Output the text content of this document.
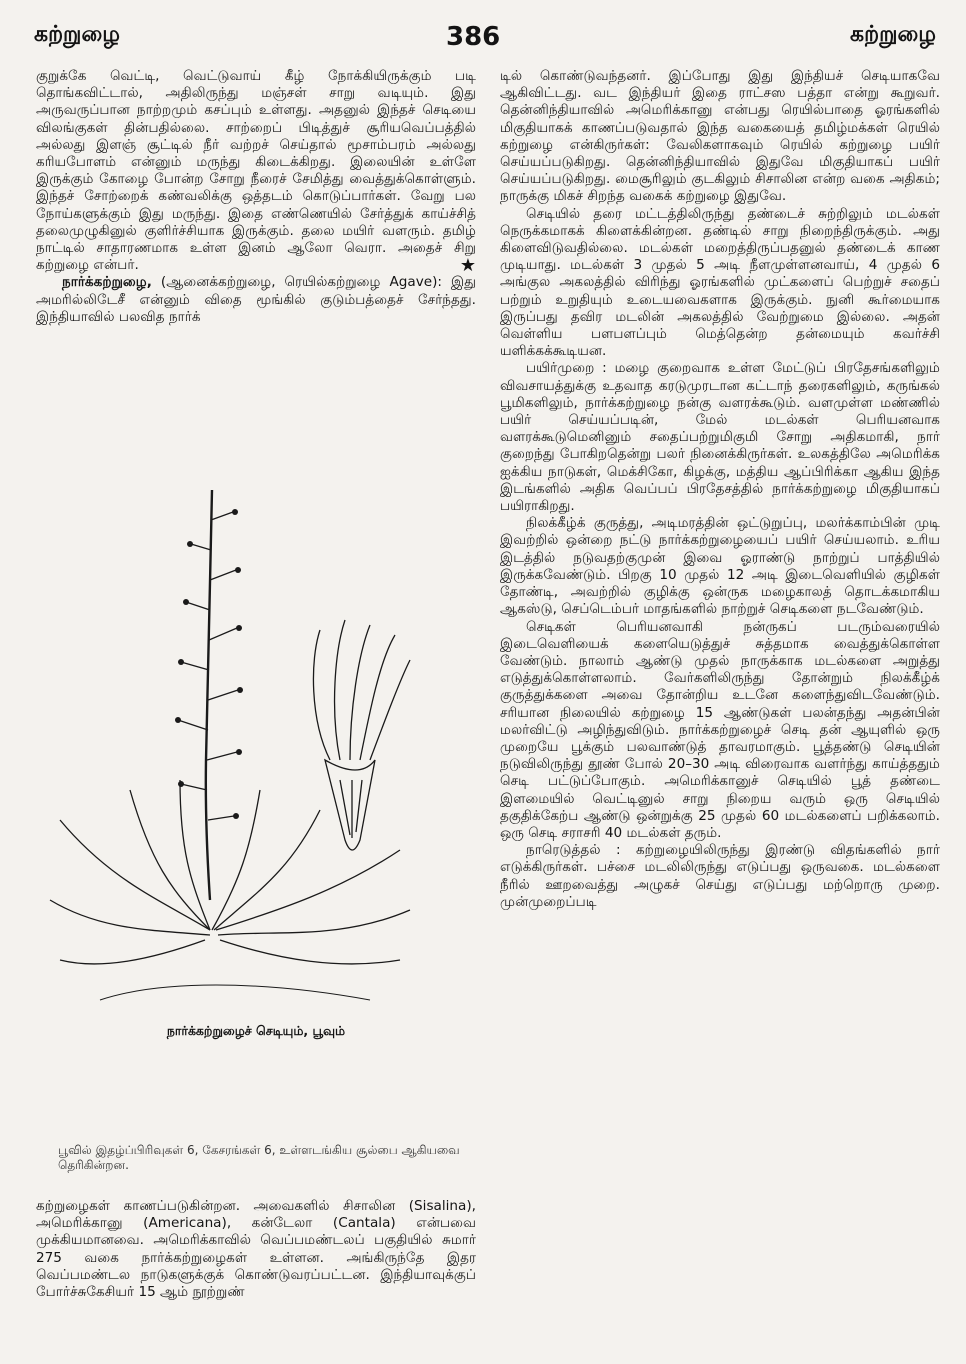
கற்றுழை	386	கற்றுழை

குறுக்கே வெட்டி, வெட்டுவாய் கீழ் நோக்கியிருக்கும் படி தொங்கவிட்டால், அதிலிருந்து மஞ்சள் சாறு வடியும். இது அருவருப்பான நாற்றமும் கசப்பும் உள்ளது. அதனுல் இந்தச் செடியை விலங்குகள் தின்பதில்லை. சாற்றைப் பிடித்துச் சூரியவெப்பத்தில் அல்லது இளஞ் சூட்டில் நீர் வற்றச் செய்தால் மூசாம்பரம் அல்லது கரியபோளம் என்னும் மருந்து கிடைக்கிறது. இலையின் உள்ளே இருக்கும் கோழை போன்ற சோறு நீரைச் சேமித்து வைத்துக்கொள்ளும். இந்தச் சோற்றைக் கண்வலிக்கு ஒத்தடம் கொடுப்பார்கள். வேறு பல நோய்களுக்கும் இது மருந்து. இதை எண்ணெயில் சேர்த்துக் காய்ச்சித் தலைமுழுகினுல் குளிர்ச்சியாக இருக்கும். தலை மயிர் வளரும். தமிழ் நாட்டில் சாதாரணமாக உள்ள இனம் ஆலோ வெரா. அதைச் சிறு கற்றுழை என்பர்.	★

நார்க்கற்றுழை, (ஆனைக்கற்றுழை, ரெயில்கற்றுழை Agave): இது அமரில்லிடேசீ என்னும் விதை மூங்கில் குடும்பத்தைச் சேர்ந்தது. இந்தியாவில் பலவித நார்க்

நார்க்கற்றுழைச் செடியும், பூவும்
பூவில் இதழ்ப்பிரிவுகள் 6, கேசரங்கள் 6, உள்ளடங்கிய சூல்பை ஆகியவை தெரிகின்றன.

கற்றுழைகள் காணப்படுகின்றன. அவைகளில் சிசாலின (Sisalina), அமெரிக்கானு (Americana), கன்டேலா (Cantala) என்பவை முக்கியமானவை. அமெரிக்காவில் வெப்பமண்டலப் பகுதியில் சுமார் 275 வகை நார்க்கற்றுழைகள் உள்ளன. அங்கிருந்தே இதர வெப்பமண்டல நாடுகளுக்குக் கொண்டுவரப்பட்டன. இந்தியாவுக்குப் போர்ச்சுகேசியர் 15 ஆம் நூற்றுண்

டில் கொண்டுவந்தனர். இப்போது இது இந்தியச் செடியாகவே ஆகிவிட்டது. வட இந்தியர் இதை ராட்சஸ பத்தா என்று கூறுவர். தென்னிந்தியாவில் அமெரிக்கானு என்பது ரெயில்பாதை ஓரங்களில் மிகுதியாகக் காணப்படுவதால் இந்த வகையைத் தமிழ்மக்கள் ரெயில் கற்றுழை என்கிருர்கள்: வேலிகளாகவும் ரெயில் கற்றுழை பயிர் செய்யப்படுகிறது. தென்னிந்தியாவில் இதுவே மிகுதியாகப் பயிர் செய்யப்படுகிறது. மைசூரிலும் குடகிலும் சிசாலின என்ற வகை அதிகம்; நாருக்கு மிகச் சிறந்த வகைக் கற்றுழை இதுவே.

செடியில் தரை மட்டத்திலிருந்து தண்டைச் சுற்றிலும் மடல்கள் நெருக்கமாகக் கிளைக்கின்றன. தண்டில் சாறு நிறைந்திருக்கும். அது கிளைவிடுவதில்லை. மடல்கள் மறைத்திருப்பதனுல் தண்டைக் காண முடியாது. மடல்கள் 3 முதல் 5 அடி நீளமுள்ளனவாய், 4 முதல் 6 அங்குல அகலத்தில் விரிந்து ஓரங்களில் முட்களைப் பெற்றுச் சதைப் பற்றும் உறுதியும் உடையவைகளாக இருக்கும். நுனி கூர்மையாக இருப்பது தவிர மடலின் அகலத்தில் வேற்றுமை இல்லை. அதன் வெள்ளிய பளபளப்பும் மெத்தென்ற தன்மையும் கவர்ச்சி யளிக்கக்கூடியன.

பயிர்முறை : மழை குறைவாக உள்ள மேட்டுப் பிரதேசங்களிலும் விவசாயத்துக்கு உதவாத கரடுமுரடான கட்டாந் தரைகளிலும், கருங்கல் பூமிகளிலும், நார்க்கற்றுழை நன்கு வளரக்கூடும். வளமுள்ள மண்ணில் பயிர் செய்யப்படின், மேல் மடல்கள் பெரியனவாக வளரக்கூடுமெனினும் சதைப்பற்றுமிகுமி சோறு அதிகமாகி, நார் குறைந்து போகிறதென்று பலர் நினைக்கிருர்கள். உலகத்திலே அமெரிக்க ஐக்கிய நாடுகள், மெக்சிகோ, கிழக்கு, மத்திய ஆப்பிரிக்கா ஆகிய இந்த இடங்களில் அதிக வெப்பப் பிரதேசத்தில் நார்க்கற்றுழை மிகுதியாகப் பயிராகிறது.

நிலக்கீழ்க் குருத்து, அடிமரத்தின் ஒட்டுறுப்பு, மலர்க்காம்பின் முடி இவற்றில் ஒன்றை நட்டு நார்க்கற்றுழையைப் பயிர் செய்யலாம். உரிய இடத்தில் நடுவதற்குமுன் இவை ஓராண்டு நாற்றுப் பாத்தியில் இருக்கவேண்டும். பிறகு 10 முதல் 12 அடி இடைவெளியில் குழிகள் தோண்டி, அவற்றில் குழிக்கு ஒன்ருக மழைகாலத் தொடக்கமாகிய ஆகஸ்டு, செப்டெம்பர் மாதங்களில் நாற்றுச் செடிகளை நடவேண்டும்.

செடிகள் பெரியனவாகி நன்ருகப் படரும்வரையில் இடைவெளியைக் களையெடுத்துச் சுத்தமாக வைத்துக்கொள்ள வேண்டும். நாலாம் ஆண்டு முதல் நாருக்காக மடல்களை அறுத்து எடுத்துக்கொள்ளலாம். வேர்களிலிருந்து தோன்றும் நிலக்கீழ்க் குருத்துக்களை அவை தோன்றிய உடனே களைந்துவிடவேண்டும். சரியான நிலையில் கற்றுழை 15 ஆண்டுகள் பலன்தந்து அதன்பின் மலர்விட்டு அழிந்துவிடும். நார்க்கற்றுழைச் செடி தன் ஆயுளில் ஒரு முறையே பூக்கும் பலவாண்டுத் தாவரமாகும். பூத்தண்டு செடியின் நடுவிலிருந்து தூண் போல் 20–30 அடி விரைவாக வளர்ந்து காய்த்ததும் செடி பட்டுப்போகும். அமெரிக்கானுச் செடியில் பூத் தண்டை இளமையில் வெட்டினுல் சாறு நிறைய வரும் ஒரு செடியில் தகுதிக்கேற்ப ஆண்டு ஒன்றுக்கு 25 முதல் 60 மடல்களைப் பறிக்கலாம். ஒரு செடி சராசரி 40 மடல்கள் தரும்.

நாரெடுத்தல் : கற்றுழையிலிருந்து இரண்டு விதங்களில் நார் எடுக்கிருர்கள். பச்சை மடலிலிருந்து எடுப்பது ஒருவகை. மடல்களை நீரில் ஊறவைத்து அழுகச் செய்து எடுப்பது மற்றொரு முறை. முன்முறைப்படி
